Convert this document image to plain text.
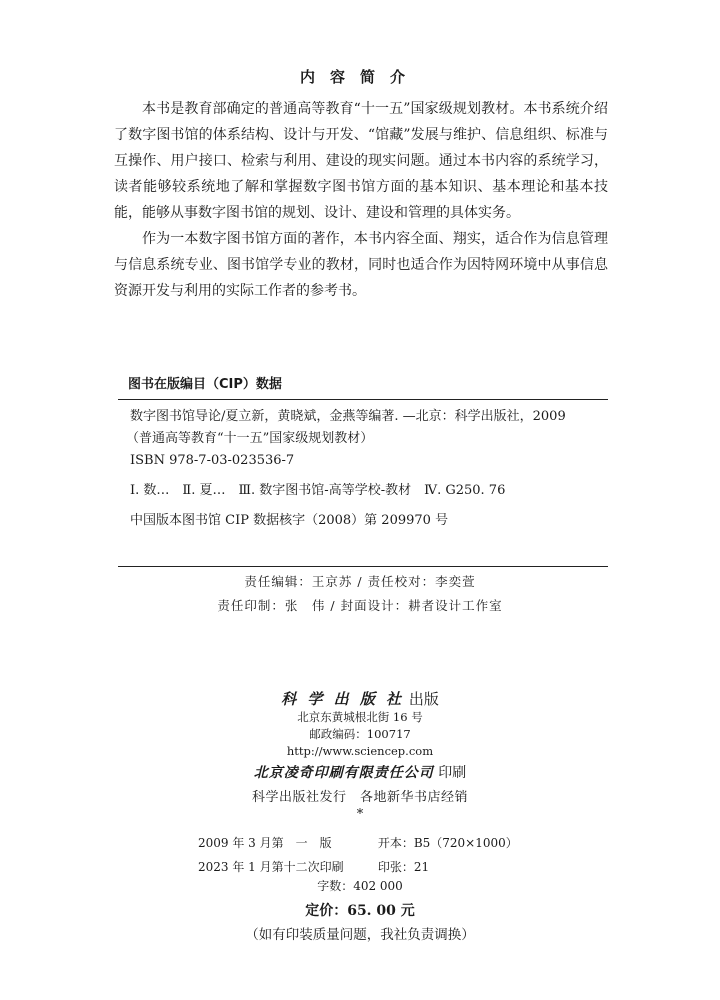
内容简介

本书是教育部确定的普通高等教育“十一五”国家级规划教材。本书系统介绍了数字图书馆的体系结构、设计与开发、“馆藏”发展与维护、信息组织、标准与互操作、用户接口、检索与利用、建设的现实问题。通过本书内容的系统学习，读者能够较系统地了解和掌握数字图书馆方面的基本知识、基本理论和基本技能，能够从事数字图书馆的规划、设计、建设和管理的具体实务。

作为一本数字图书馆方面的著作，本书内容全面、翔实，适合作为信息管理与信息系统专业、图书馆学专业的教材，同时也适合作为因特网环境中从事信息资源开发与利用的实际工作者的参考书。

图书在版编目（CIP）数据
数字图书馆导论/夏立新，黄晓斌，金燕等编著. —北京：科学出版社，2009
（普通高等教育“十一五”国家级规划教材）
ISBN 978-7-03-023536-7
Ⅰ. 数…　Ⅱ. 夏…　Ⅲ. 数字图书馆-高等学校-教材　Ⅳ. G250. 76
中国版本图书馆 CIP 数据核字（2008）第 209970 号
责任编辑：王京苏 / 责任校对：李奕萱
责任印制：张　伟 / 封面设计：耕者设计工作室
科 学 出 版 社 出版
北京东黄城根北街 16 号
邮政编码：100717
http://www.sciencep.com
北京凌奇印刷有限责任公司 印刷
科学出版社发行　各地新华书店经销
*
2009 年 3 月第　一　版	开本：B5（720×1000）
2023 年 1 月第十二次印刷	印张：21
字数：402 000
定价：65. 00 元
（如有印装质量问题，我社负责调换）
